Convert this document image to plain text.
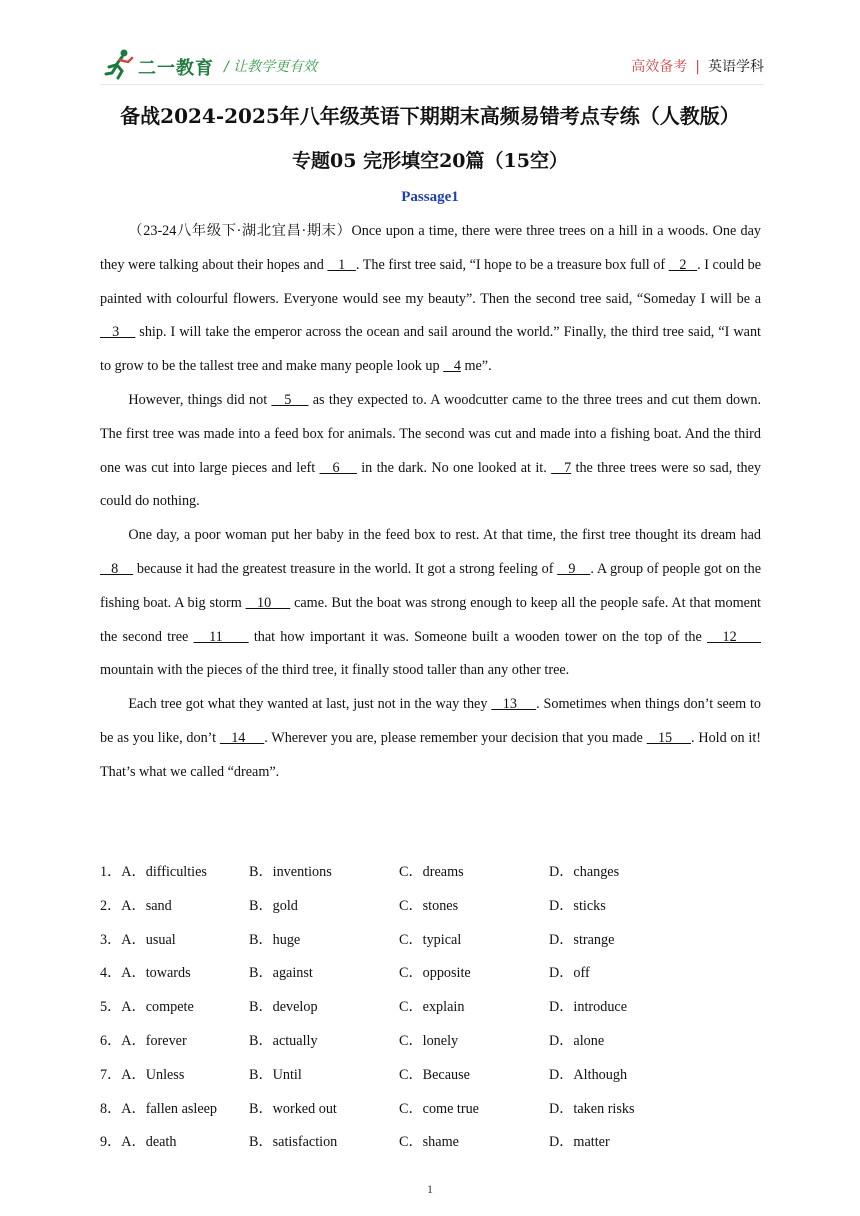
二一教育 / 让教学更有效	高效备考 | 英语学科
备战2024-2025年八年级英语下期期末高频易错考点专练（人教版）
专题05 完形填空20篇（15空）
Passage1

（23-24八年级下·湖北宜昌·期末）Once upon a time, there were three trees on a hill in a woods. One day they were talking about their hopes and    1   . The first tree said, “I hope to be a treasure box full of    2   . I could be painted with colourful flowers. Everyone would see my beauty”. Then the second tree said, “Someday I will be a    3     ship. I will take the emperor across the ocean and sail around the world.” Finally, the third tree said, “I want to grow to be the tallest tree and make many people look up    4 me”.

However, things did not    5     as they expected to. A woodcutter came to the three trees and cut them down. The first tree was made into a feed box for animals. The second was cut and made into a fishing boat. And the third one was cut into large pieces and left    6     in the dark. No one looked at it.    7 the three trees were so sad, they could do nothing.

One day, a poor woman put her baby in the feed box to rest. At that time, the first tree thought its dream had    8     because it had the greatest treasure in the world. It got a strong feeling of    9    . A group of people got on the fishing boat. A big storm    10      came. But the boat was strong enough to keep all the people safe. At that moment the second tree    11      that how important it was. Someone built a wooden tower on the top of the    12      mountain with the pieces of the third tree, it finally stood taller than any other tree.

Each tree got what they wanted at last, just not in the way they    13     . Sometimes when things don’t seem to be as you like, don’t    14     . Wherever you are, please remember your decision that you made    15     . Hold on it! That’s what we called “dream”.

1．A．difficulties	B．inventions	C．dreams	D．changes
2．A．sand	B．gold	C．stones	D．sticks
3．A．usual	B．huge	C．typical	D．strange
4．A．towards	B．against	C．opposite	D．off
5．A．compete	B．develop	C．explain	D．introduce
6．A．forever	B．actually	C．lonely	D．alone
7．A．Unless	B．Until	C．Because	D．Although
8．A．fallen asleep B．worked out	C．come true	D．taken risks
9．A．death	B．satisfaction	C．shame	D．matter
1
